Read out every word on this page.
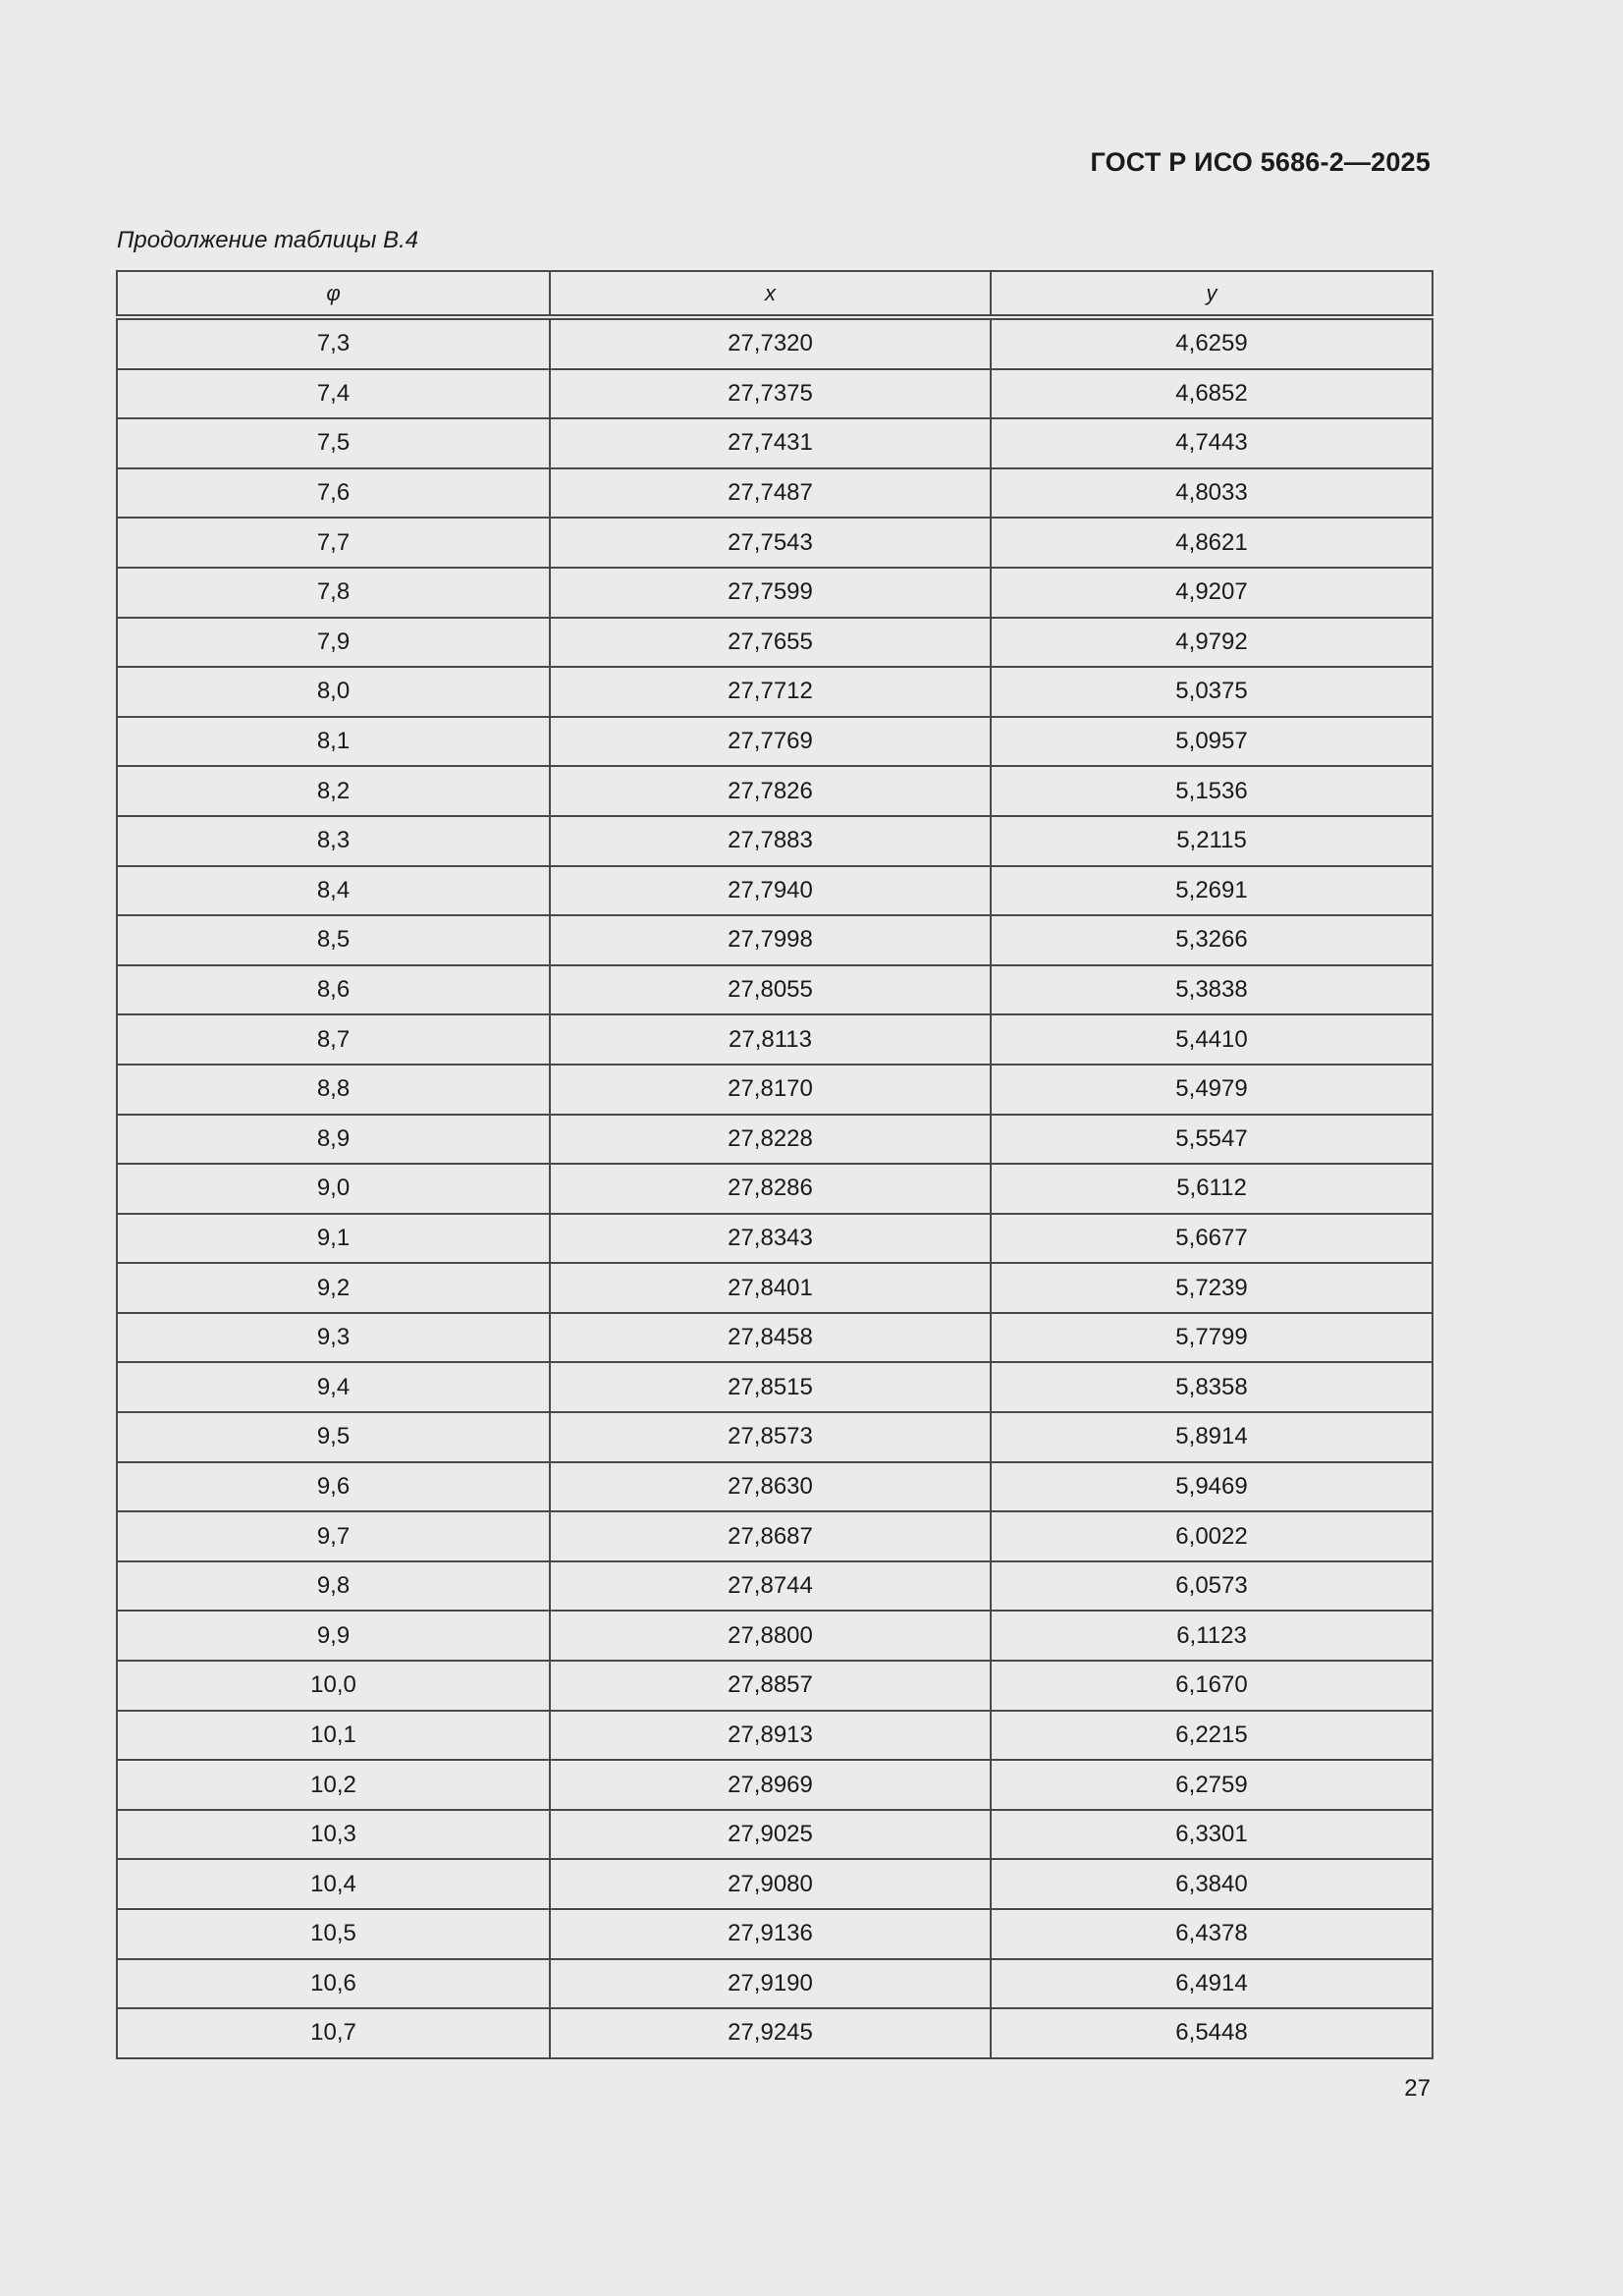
ГОСТ Р ИСО 5686-2—2025
Продолжение таблицы В.4
φ	x	y
7,3	27,7320	4,6259
7,4	27,7375	4,6852
7,5	27,7431	4,7443
7,6	27,7487	4,8033
7,7	27,7543	4,8621
7,8	27,7599	4,9207
7,9	27,7655	4,9792
8,0	27,7712	5,0375
8,1	27,7769	5,0957
8,2	27,7826	5,1536
8,3	27,7883	5,2115
8,4	27,7940	5,2691
8,5	27,7998	5,3266
8,6	27,8055	5,3838
8,7	27,8113	5,4410
8,8	27,8170	5,4979
8,9	27,8228	5,5547
9,0	27,8286	5,6112
9,1	27,8343	5,6677
9,2	27,8401	5,7239
9,3	27,8458	5,7799
9,4	27,8515	5,8358
9,5	27,8573	5,8914
9,6	27,8630	5,9469
9,7	27,8687	6,0022
9,8	27,8744	6,0573
9,9	27,8800	6,1123
10,0	27,8857	6,1670
10,1	27,8913	6,2215
10,2	27,8969	6,2759
10,3	27,9025	6,3301
10,4	27,9080	6,3840
10,5	27,9136	6,4378
10,6	27,9190	6,4914
10,7	27,9245	6,5448
27
